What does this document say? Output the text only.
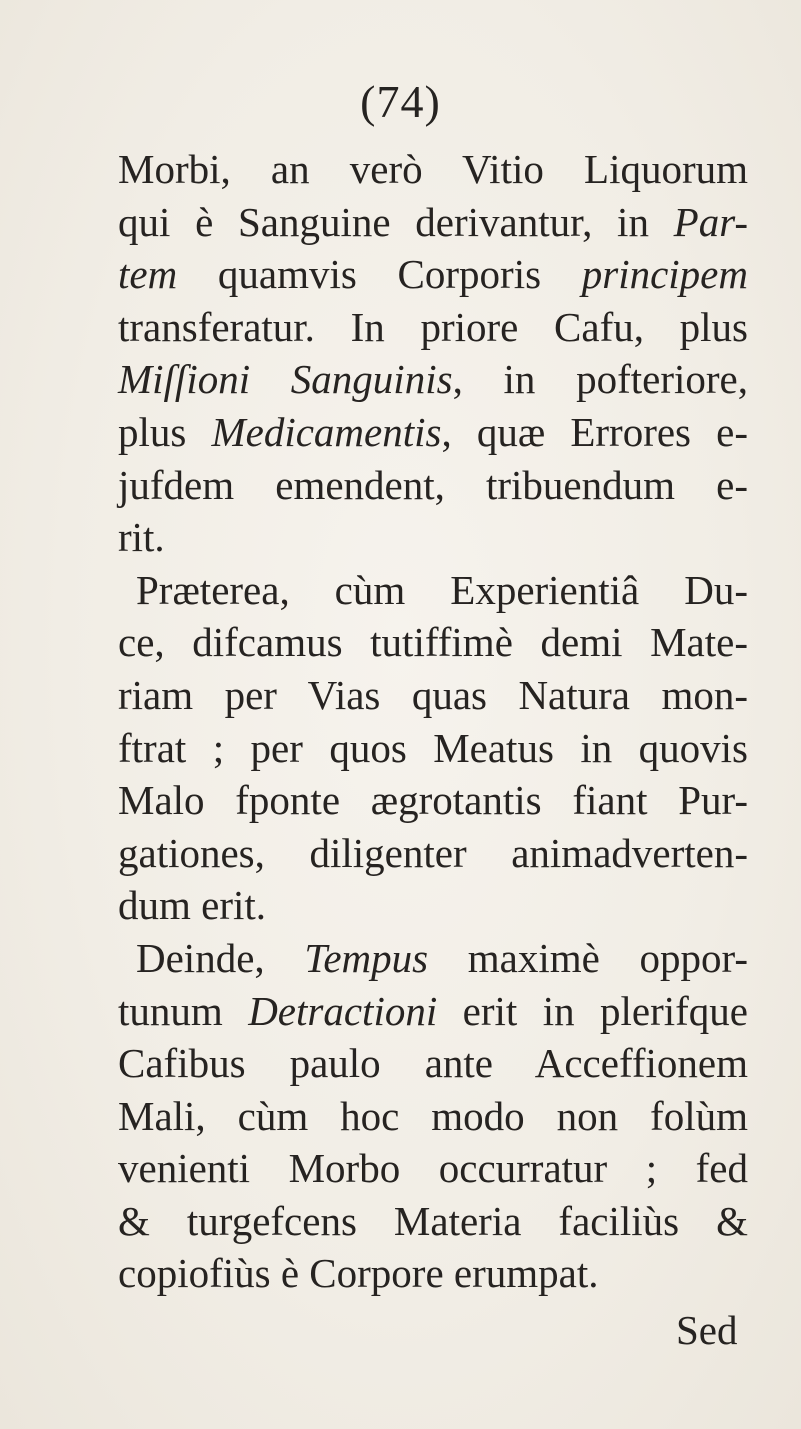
(74)
Morbi, an verò Vitio Liquorum
qui è Sanguine derivantur, in Par-
tem quamvis Corporis principem
transferatur. In priore Cafu, plus
Miſſioni Sanguinis, in pofteriore,
plus Medicamentis, quæ Errores e-
jufdem emendent, tribuendum e-
rit.
Præterea, cùm Experientiâ Du-
ce, difcamus tutiffimè demi Mate-
riam per Vias quas Natura mon-
ftrat ; per quos Meatus in quovis
Malo fponte ægrotantis fiant Pur-
gationes, diligenter animadverten-
dum erit.
Deinde, Tempus maximè oppor-
tunum Detractioni erit in plerifque
Cafibus paulo ante Acceffionem
Mali, cùm hoc modo non folùm
venienti Morbo occurratur ; fed
& turgefcens Materia faciliùs &
copiofiùs è Corpore erumpat.
Sed
